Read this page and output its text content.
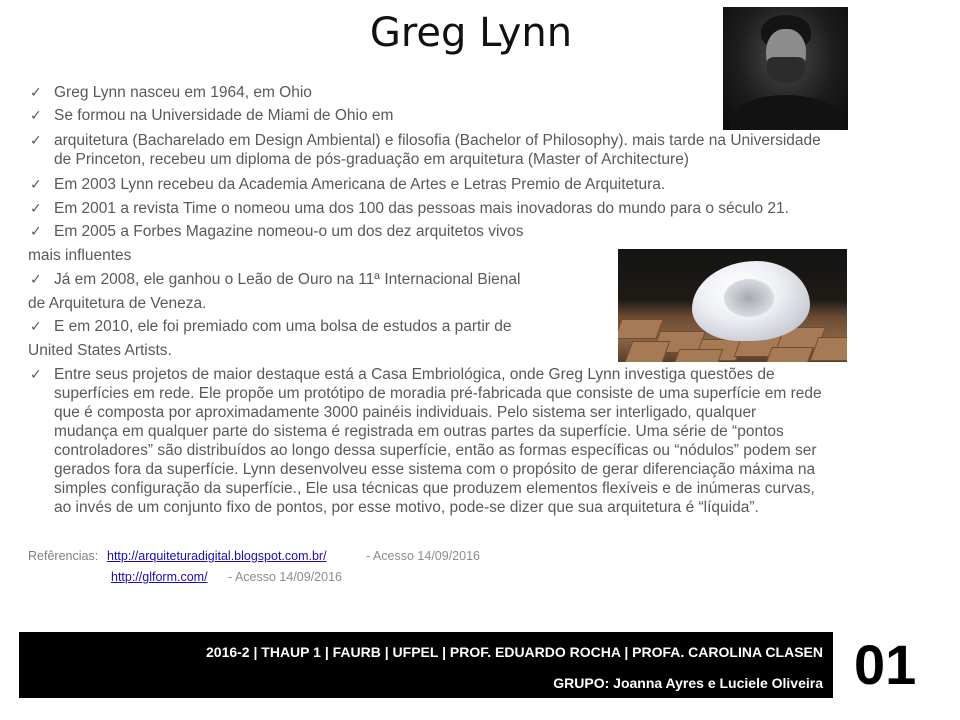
Greg Lynn
✓ Greg Lynn nasceu em 1964, em Ohio
✓ Se formou na Universidade de Miami de Ohio em
✓ arquitetura (Bacharelado em Design Ambiental) e filosofia (Bachelor of Philosophy). mais tarde na Universidade
de Princeton, recebeu um diploma de pós-graduação em arquitetura (Master of Architecture)
✓ Em 2003 Lynn recebeu da Academia Americana de Artes e Letras Premio de Arquitetura.
✓ Em 2001 a revista Time o nomeou uma dos 100 das pessoas mais inovadoras do mundo para o século 21.
✓ Em 2005 a Forbes Magazine nomeou-o um dos dez arquitetos vivos
mais influentes
✓ Já em 2008, ele ganhou o Leão de Ouro na 11ª Internacional Bienal
de Arquitetura de Veneza.
✓ E em 2010, ele foi premiado com uma bolsa de estudos a partir de
United States Artists.
✓ Entre seus projetos de maior destaque está a Casa Embriológica, onde Greg Lynn investiga questões de
superfícies em rede. Ele propõe um protótipo de moradia pré-fabricada que consiste de uma superfície em rede
que é composta por aproximadamente 3000 painéis individuais. Pelo sistema ser interligado, qualquer
mudança em qualquer parte do sistema é registrada em outras partes da superfície. Uma série de “pontos
controladores” são distribuídos ao longo dessa superfície, então as formas específicas ou “nódulos” podem ser
gerados fora da superfície. Lynn desenvolveu esse sistema com o propósito de gerar diferenciação máxima na
simples configuração da superfície., Ele usa técnicas que produzem elementos flexíveis e de inúmeras curvas,
ao invés de um conjunto fixo de pontos, por esse motivo, pode-se dizer que sua arquitetura é “líquida”.
Refêrencias: http://arquiteturadigital.blogspot.com.br/	- Acesso 14/09/2016
http://glform.com/ - Acesso 14/09/2016
2016-2 | THAUP 1 | FAURB | UFPEL | PROF. EDUARDO ROCHA | PROFA. CAROLINA CLASEN
GRUPO: Joanna Ayres e Luciele Oliveira 01
